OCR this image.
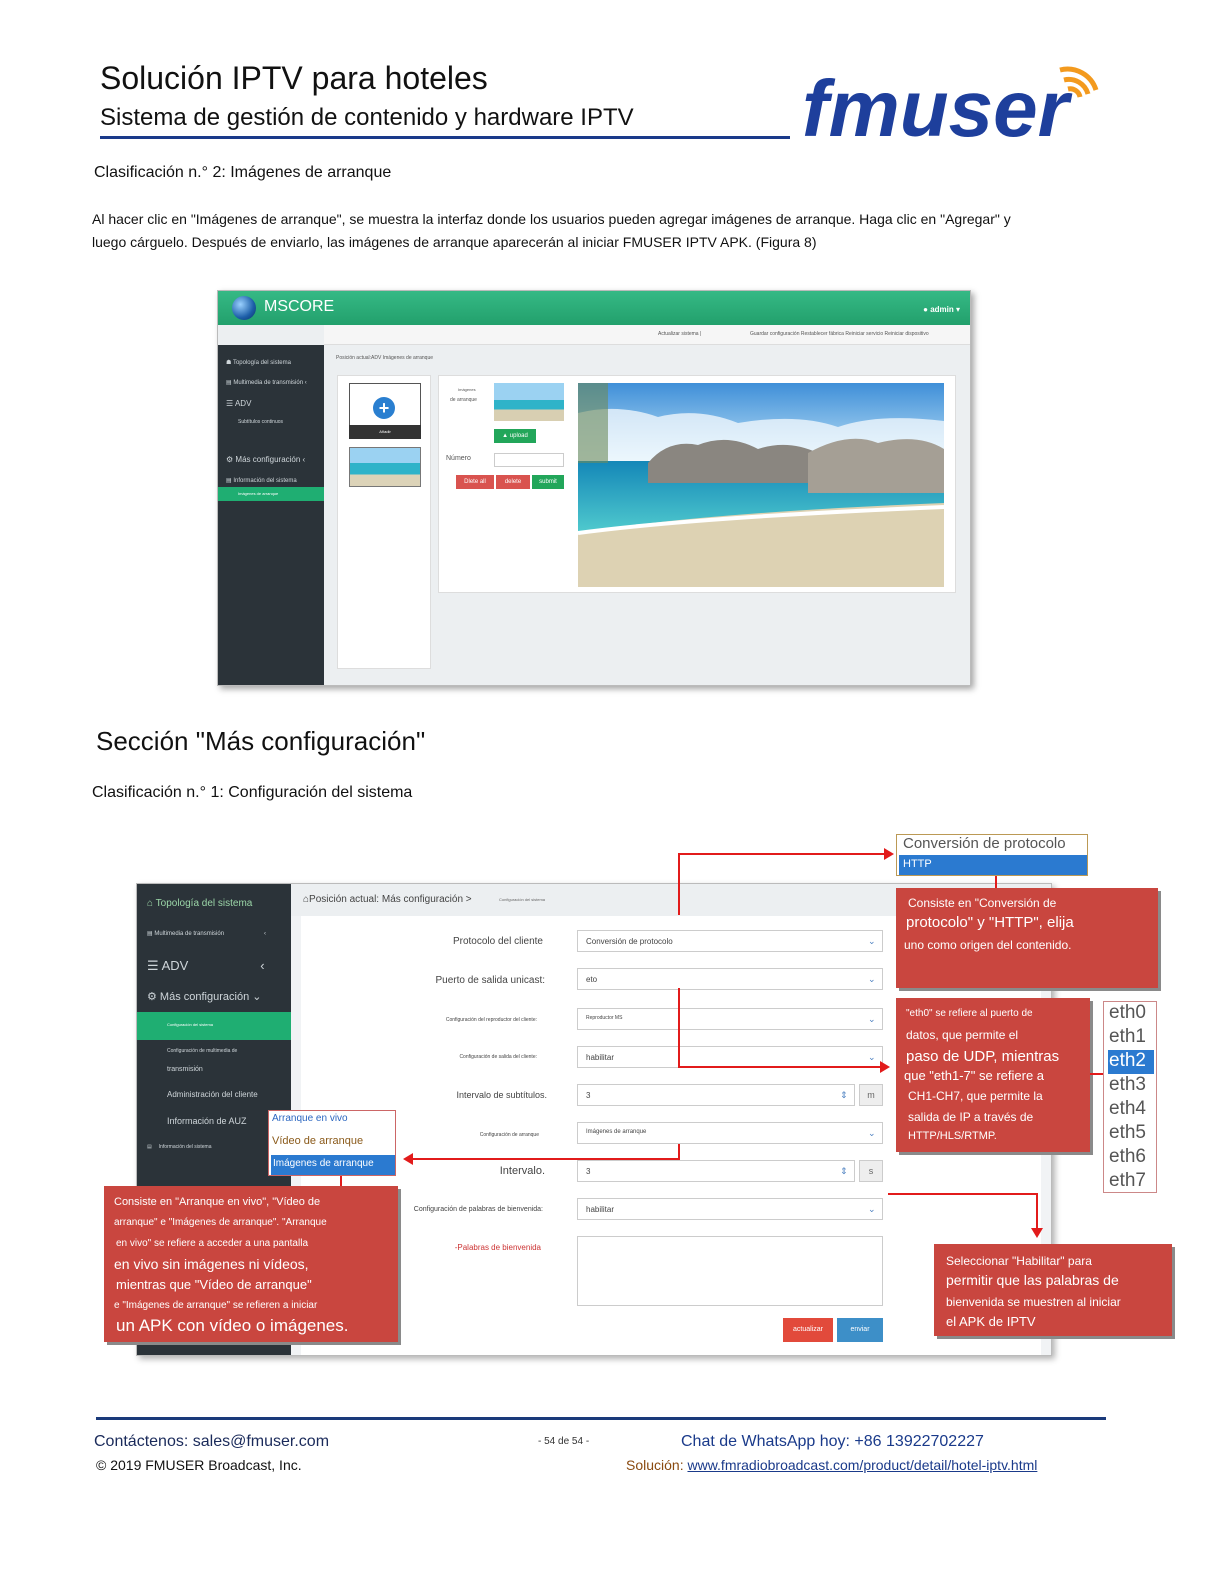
Solución IPTV para hoteles
Sistema de gestión de contenido y hardware IPTV fmuser
Clasificación n.° 2: Imágenes de arranque
Al hacer clic en "Imágenes de arranque", se muestra la interfaz donde los usuarios pueden agregar imágenes de arranque. Haga clic en "Agregar" y
luego cárguelo. Después de enviarlo, las imágenes de arranque aparecerán al iniciar FMUSER IPTV APK. (Figura 8)
MSCORE	● admin ▾
Actualizar sistema |	Guardar configuración Restablecer fábrica Reiniciar servicio Reiniciar dispositivo
☗ Topología del sistema
▤ Multimedia de transmisión ‹
☰ ADV
Subtítulos continuos
Imágenes de arranque
⚙ Más configuración ‹
▤ Información del sistema
Posición actual:ADV Imágenes de arranque
+
Añadir
Imágenes
de arranque
▲ upload
Número
Dlete all	delete	submit
Sección "Más configuración"
Clasificación n.° 1: Configuración del sistema
⌂ Topología del sistema
▤ Multimedia de transmisión	‹
☰ ADV	‹
⚙ Más configuración ⌄
Configuración del sistema
Configuración de multimedia de
transmisión
Administración del cliente
Información de AUZ
▤     Información del sistema
⌂Posición actual: Más configuración >	Configuración del sistema
Protocolo del cliente	Conversión de protocolo	⌄
Puerto de salida unicast:	eto	⌄
Configuración del reproductor del cliente:	Reproductor MS	⌄
Configuración de salida del cliente:	habilitar	⌄
Intervalo de subtítulos.	3	⇕	m
Configuración de arranque	Imágenes de arranque	⌄
Intervalo.	3	⇕	s
Configuración de palabras de bienvenida:	habilitar	⌄
-Palabras de bienvenida
actualizar	enviar
Conversión de protocolo
HTTP
Consiste en "Conversión de
protocolo" y "HTTP", elija
uno como origen del contenido.
"eth0" se refiere al puerto de
datos, que permite el
paso de UDP, mientras
que "eth1-7" se refiere a
CH1-CH7, que permite la
salida de IP a través de
HTTP/HLS/RTMP.
eth0
eth1
eth2
eth3
eth4
eth5
eth6
eth7
Arranque en vivo
Vídeo de arranque
Imágenes de arranque
Consiste en "Arranque en vivo", "Vídeo de
arranque" e "Imágenes de arranque". "Arranque
en vivo" se refiere a acceder a una pantalla
en vivo sin imágenes ni vídeos,
mientras que "Vídeo de arranque"
e "Imágenes de arranque" se refieren a iniciar
un APK con vídeo o imágenes.
Seleccionar "Habilitar" para
permitir que las palabras de
bienvenida se muestren al iniciar
el APK de IPTV
Contáctenos: sales@fmuser.com
© 2019 FMUSER Broadcast, Inc.
- 54 de 54 -	Chat de WhatsApp hoy: +86 13922702227
Solución: www.fmradiobroadcast.com/product/detail/hotel-iptv.html
